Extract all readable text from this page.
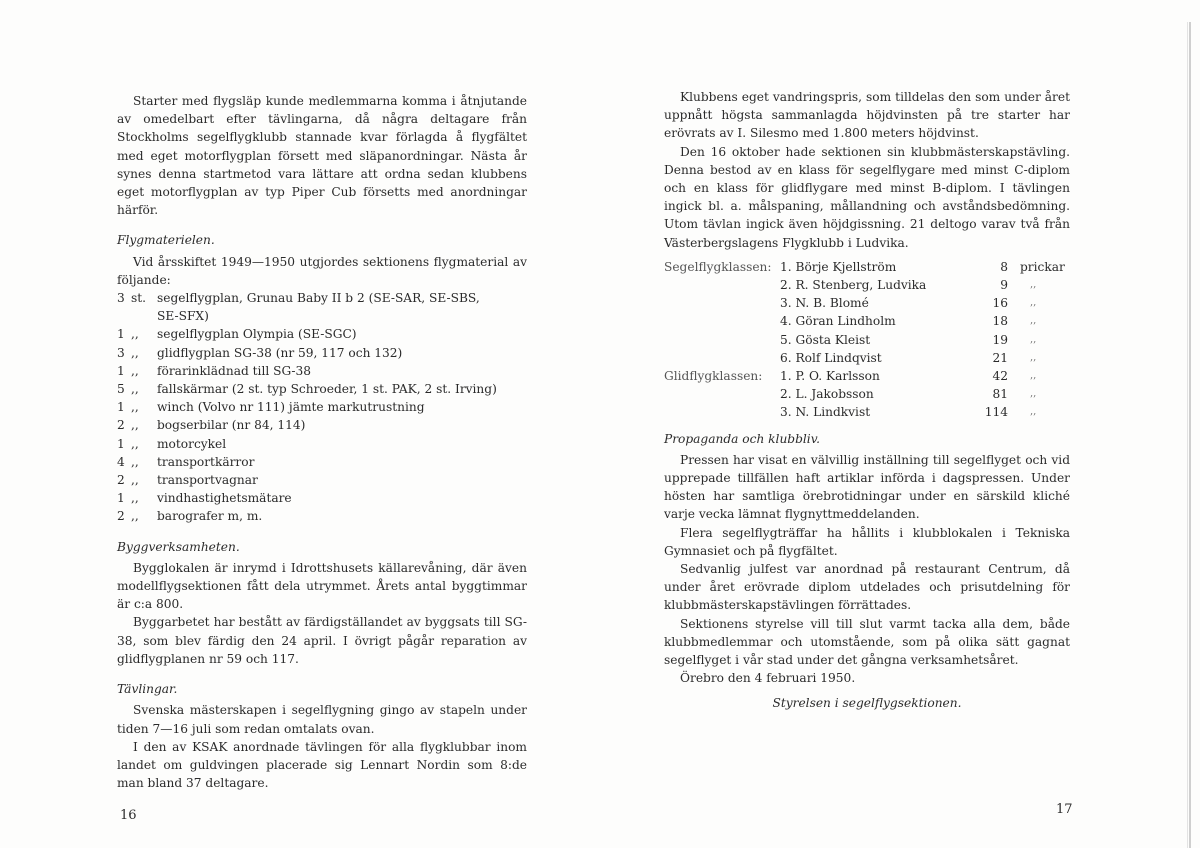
Starter med flygsläp kunde medlemmarna komma i åtnjutande av omedelbart efter tävlingarna, då några deltagare från Stockholms segelflygklubb stannade kvar förlagda å flygfältet med eget motorflygplan försett med släpanordningar. Nästa år synes denna startmetod vara lättare att ordna sedan klubbens eget motorflygplan av typ Piper Cub försetts med anordningar härför.

Flygmaterielen.

Vid årsskiftet 1949—1950 utgjordes sektionens flygmaterial av följande:

3 st. segelflygplan, Grunau Baby II b 2 (SE-SAR, SE-SBS,
SE-SFX)
1 ,,	segelflygplan Olympia (SE-SGC)
3 ,,	glidflygplan SG-38 (nr 59, 117 och 132)
1 ,,	förarinklädnad till SG-38
5 ,,	fallskärmar (2 st. typ Schroeder, 1 st. PAK, 2 st. Irving)
1 ,,	winch (Volvo nr 111) jämte markutrustning
2 ,,	bogserbilar (nr 84, 114)
1 ,,	motorcykel
4 ,,	transportkärror
2 ,,	transportvagnar
1 ,,	vindhastighetsmätare
2 ,,	barografer m, m.

Byggverksamheten.

Bygglokalen är inrymd i Idrottshusets källarevåning, där även modellflygsektionen fått dela utrymmet. Årets antal byggtimmar är c:a 800.

Byggarbetet har bestått av färdigställandet av byggsats till SG-38, som blev färdig den 24 april. I övrigt pågår reparation av glidflygplanen nr 59 och 117.

Tävlingar.

Svenska mästerskapen i segelflygning gingo av stapeln under tiden 7—16 juli som redan omtalats ovan.

I den av KSAK anordnade tävlingen för alla flygklubbar inom landet om guldvingen placerade sig Lennart Nordin som 8:de man bland 37 deltagare.

16

Klubbens eget vandringspris, som tilldelas den som under året uppnått högsta sammanlagda höjdvinsten på tre starter har erövrats av I. Silesmo med 1.800 meters höjdvinst.

Den 16 oktober hade sektionen sin klubbmästerskapstävling. Denna bestod av en klass för segelflygare med minst C-diplom och en klass för glidflygare med minst B-diplom. I tävlingen ingick bl. a. målspaning, mållandning och avståndsbedömning. Utom tävlan ingick även höjdgissning. 21 deltogo varav två från Västerbergslagens Flygklubb i Ludvika.

Segelflygklassen: 1. Börje Kjellström	8 prickar
2. R. Stenberg, Ludvika	9	,,
3. N. B. Blomé	16	,,
4. Göran Lindholm	18	,,
5. Gösta Kleist	19	,,
6. Rolf Lindqvist	21	,,
Glidflygklassen:	1. P. O. Karlsson	42	,,
2. L. Jakobsson	81	,,
3. N. Lindkvist	114	,,

Propaganda och klubbliv.

Pressen har visat en välvillig inställning till segelflyget och vid upprepade tillfällen haft artiklar införda i dagspressen. Under hösten har samtliga örebrotidningar under en särskild kliché varje vecka lämnat flygnyttmeddelanden.

Flera segelflygträffar ha hållits i klubblokalen i Tekniska Gymnasiet och på flygfältet.

Sedvanlig julfest var anordnad på restaurant Centrum, då under året erövrade diplom utdelades och prisutdelning för klubbmästerskapstävlingen förrättades.

Sektionens styrelse vill till slut varmt tacka alla dem, både klubbmedlemmar och utomstående, som på olika sätt gagnat segelflyget i vår stad under det gångna verksamhetsåret.

Örebro den 4 februari 1950.

Styrelsen i segelflygsektionen.

17
